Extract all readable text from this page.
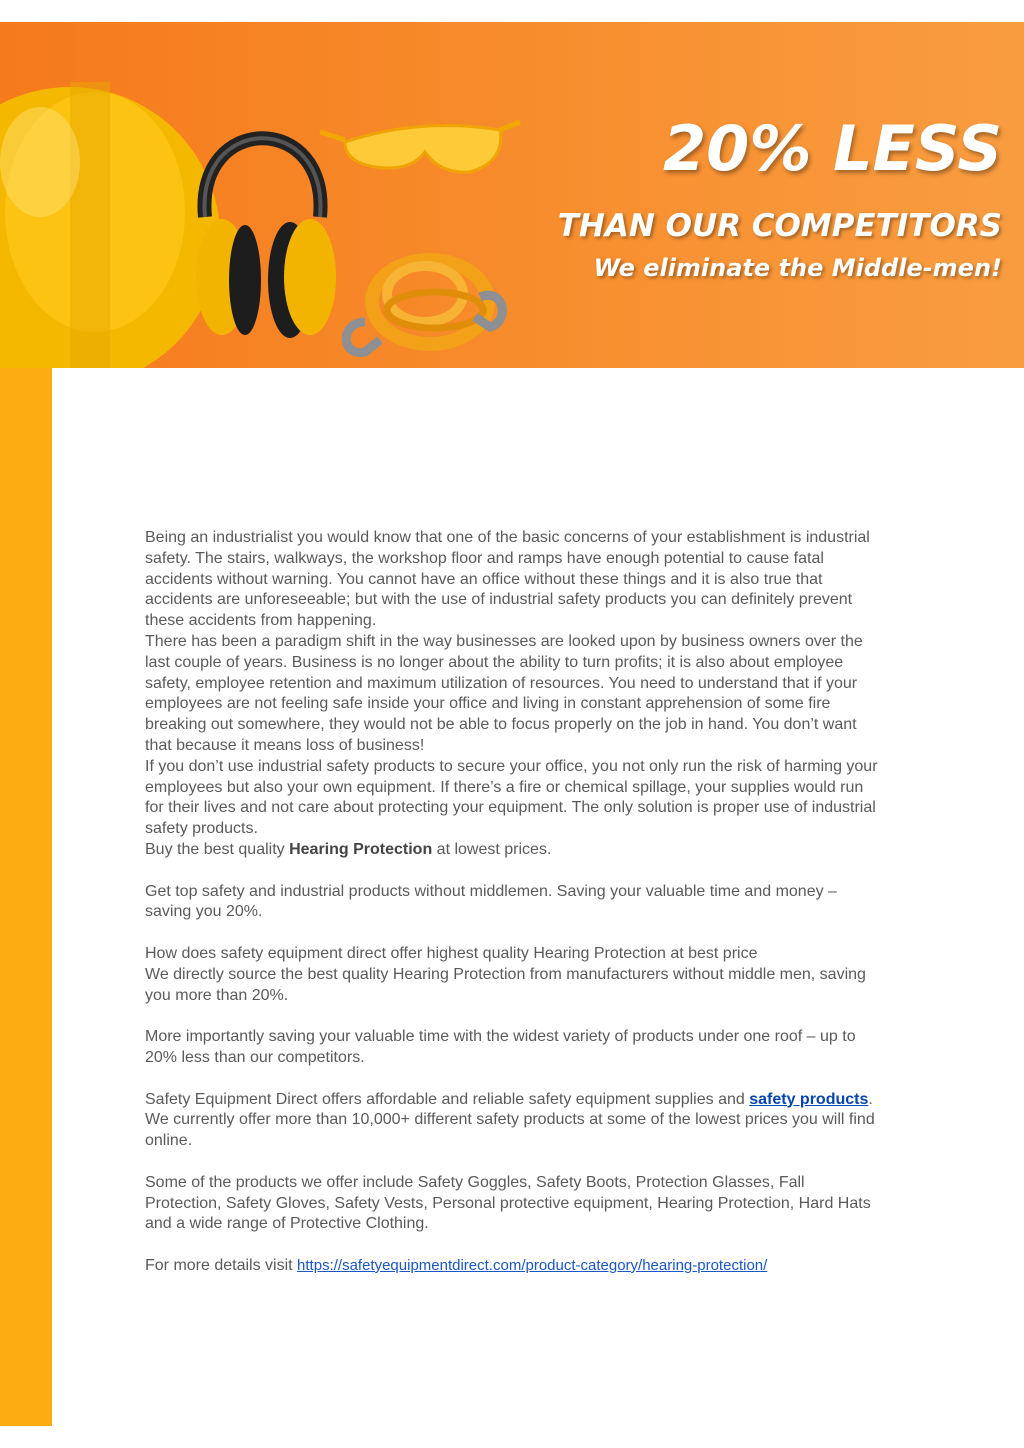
20% LESS
THAN OUR COMPETITORS
We eliminate the Middle-men!

Being an industrialist you would know that one of the basic concerns of your establishment is industrial safety. The stairs, walkways, the workshop floor and ramps have enough potential to cause fatal accidents without warning. You cannot have an office without these things and it is also true that accidents are unforeseeable; but with the use of industrial safety products you can definitely prevent these accidents from happening.

There has been a paradigm shift in the way businesses are looked upon by business owners over the last couple of years. Business is no longer about the ability to turn profits; it is also about employee safety, employee retention and maximum utilization of resources. You need to understand that if your employees are not feeling safe inside your office and living in constant apprehension of some fire breaking out somewhere, they would not be able to focus properly on the job in hand. You don’t want that because it means loss of business!

If you don’t use industrial safety products to secure your office, you not only run the risk of harming your employees but also your own equipment. If there’s a fire or chemical spillage, your supplies would run for their lives and not care about protecting your equipment. The only solution is proper use of industrial safety products.

Buy the best quality Hearing Protection at lowest prices.

Get top safety and industrial products without middlemen. Saving your valuable time and money – saving you 20%.

How does safety equipment direct offer highest quality Hearing Protection at best price

We directly source the best quality Hearing Protection from manufacturers without middle men, saving you more than 20%.

More importantly saving your valuable time with the widest variety of products under one roof – up to 20% less than our competitors.

Safety Equipment Direct offers affordable and reliable safety equipment supplies and safety products. We currently offer more than 10,000+ different safety products at some of the lowest prices you will find online.

Some of the products we offer include Safety Goggles, Safety Boots, Protection Glasses, Fall Protection, Safety Gloves, Safety Vests, Personal protective equipment, Hearing Protection, Hard Hats and a wide range of Protective Clothing.

For more details visit https://safetyequipmentdirect.com/product-category/hearing-protection/
